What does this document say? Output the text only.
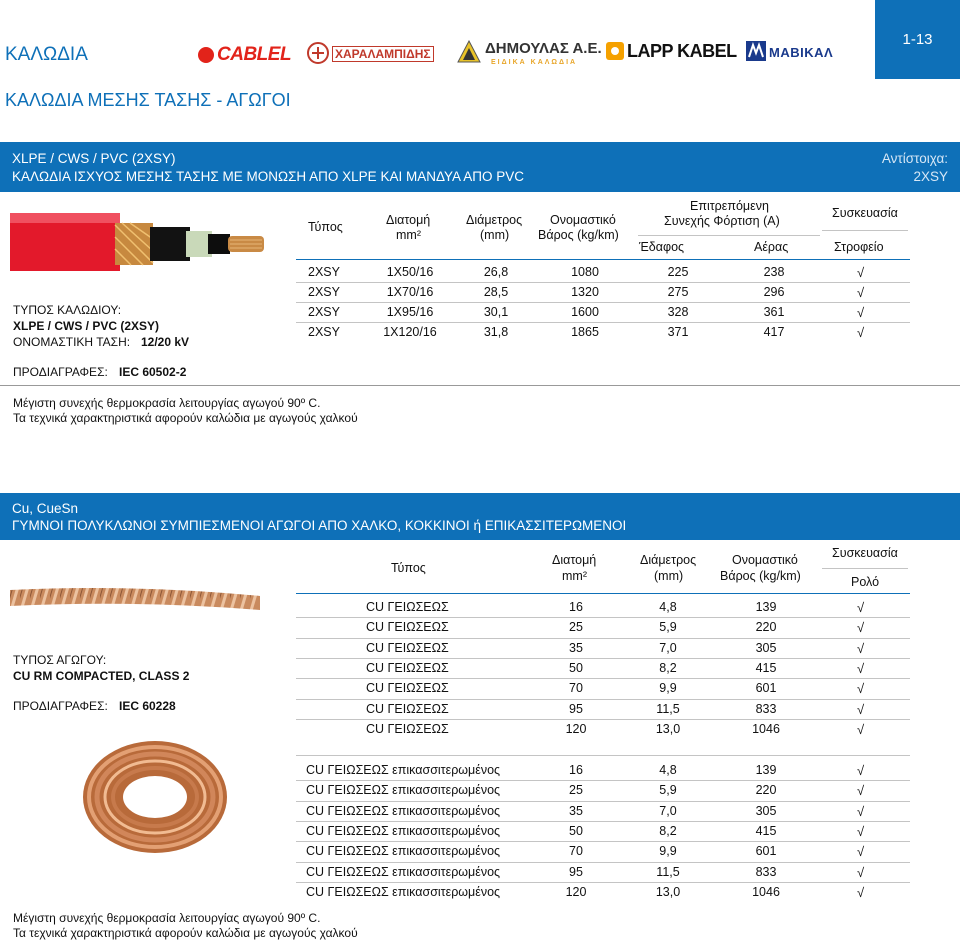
ΚΑΛΩΔΙΑ	CABLEL	ΧΑΡΑΛΑΜΠΙΔΗΣ	ΔΗΜΟΥΛΑΣ Α.Ε.
ΕΙΔΙΚΑ ΚΑΛΩΔΙΑ
LAPP KABEL ΜΑΒΙΚΑΛ
1-13
ΚΑΛΩΔΙΑ ΜΕΣΗΣ ΤΑΣΗΣ - ΑΓΩΓΟΙ
XLPE / CWS / PVC (2XSY)
ΚΑΛΩΔΙΑ ΙΣΧΥΟΣ ΜΕΣΗΣ ΤΑΣΗΣ ΜΕ ΜΟΝΩΣΗ ΑΠΟ XLPE ΚΑΙ ΜΑΝΔΥΑ ΑΠΟ PVC
Αντίστοιχα:
2XSY
Τύπος	Διατομή
mm²
Διάμετρος
(mm)
Ονομαστικό
Βάρος (kg/km)
Επιτρεπόμενη
Συνεχής Φόρτιση (A)
Συσκευασία
Έδαφος	Αέρας	Στροφείο
2XSY	1X50/16	26,8	1080	225	238	√
2XSY	1X70/16	28,5	1320	275	296	√
2XSY	1X95/16	30,1	1600	328	361	√
2XSY	1X120/16	31,8	1865	371	417	√
ΤΥΠΟΣ ΚΑΛΩΔΙΟΥ:
XLPE / CWS / PVC (2XSY)
ΟΝΟΜΑΣΤΙΚΗ ΤΑΣΗ: 12/20 kV
ΠΡΟΔΙΑΓΡΑΦΕΣ: IEC 60502-2
Μέγιστη συνεχής θερμοκρασία λειτουργίας αγωγού 90º C.
Τα τεχνικά χαρακτηριστικά αφορούν καλώδια με αγωγούς χαλκού
Cu, CueSn
ΓΥΜΝΟΙ ΠΟΛΥΚΛΩΝΟΙ ΣΥΜΠΙΕΣΜΕΝΟΙ ΑΓΩΓΟΙ ΑΠΟ ΧΑΛΚΟ, ΚΟΚΚΙΝΟΙ ή ΕΠΙΚΑΣΣΙΤΕΡΩΜΕΝΟΙ
Τύπος
Διατομή
mm²
Διάμετρος
(mm)
Ονομαστικό
Βάρος (kg/km)
Συσκευασία
Ρολό
CU ΓΕΙΩΣΕΩΣ	16	4,8	139	√
CU ΓΕΙΩΣΕΩΣ	25	5,9	220	√
CU ΓΕΙΩΣΕΩΣ	35	7,0	305	√
CU ΓΕΙΩΣΕΩΣ	50	8,2	415	√
CU ΓΕΙΩΣΕΩΣ	70	9,9	601	√
CU ΓΕΙΩΣΕΩΣ	95	11,5	833	√
CU ΓΕΙΩΣΕΩΣ	120	13,0	1046	√
CU ΓΕΙΩΣΕΩΣ επικασσιτερωμένος	16	4,8	139	√
CU ΓΕΙΩΣΕΩΣ επικασσιτερωμένος	25	5,9	220	√
CU ΓΕΙΩΣΕΩΣ επικασσιτερωμένος	35	7,0	305	√
CU ΓΕΙΩΣΕΩΣ επικασσιτερωμένος	50	8,2	415	√
CU ΓΕΙΩΣΕΩΣ επικασσιτερωμένος	70	9,9	601	√
CU ΓΕΙΩΣΕΩΣ επικασσιτερωμένος	95	11,5	833	√
CU ΓΕΙΩΣΕΩΣ επικασσιτερωμένος	120	13,0	1046	√
ΤΥΠΟΣ ΑΓΩΓΟΥ:
CU RM COMPACTED, CLASS 2
ΠΡΟΔΙΑΓΡΑΦΕΣ: IEC 60228
Μέγιστη συνεχής θερμοκρασία λειτουργίας αγωγού 90º C.
Τα τεχνικά χαρακτηριστικά αφορούν καλώδια με αγωγούς χαλκού
